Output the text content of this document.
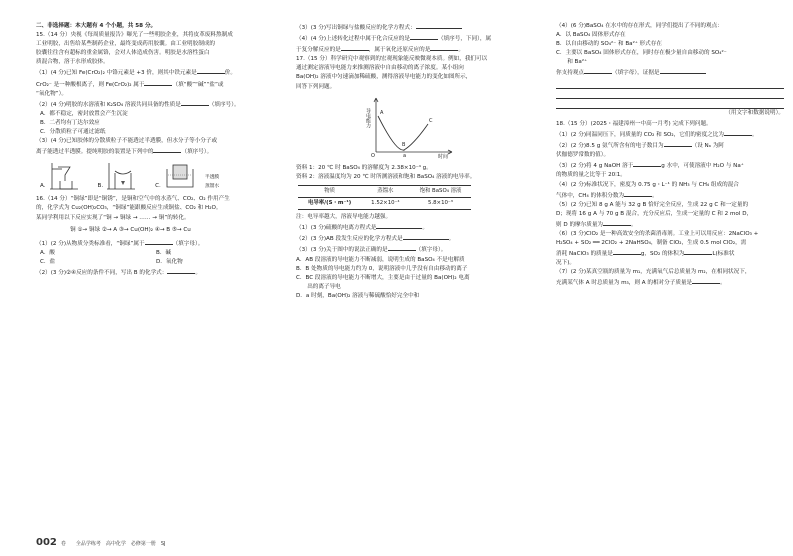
二、非选择题：本大题有 4 个小题，共 58 分。

15.（14 分）央视《每周质量报告》曝光了一些明胶企业，其将皮革废料熬制成

工业明胶，出售给某些制药企业，最终变成药用胶囊。由工业明胶制成的

胶囊往往含有超标的重金属铬，会对人体造成伤害。明胶是水溶性蛋白

质混合物，溶于水形成胶体。

（1）(4 分)已知 Fe(CrO₂)₂ 中铬元素是 +3 价，则其中铁元素是	价。

CrO₂⁻ 是一种酸根离子，则 Fe(CrO₂)₂ 属于	（填“酸”“碱”“盐”或

“氧化物”）。

（2）(4 分)明胶的水溶液和 K₂SO₄ 溶液共同具备的性质是	（填序号）。

A．都不稳定，密封放置会产生沉淀

B．二者均有丁达尔效应

C．分散质粒子可通过滤纸

（3）(4 分)已知胶体的分散质粒子不能透过半透膜，但水分子等小分子或

离子能透过半透膜。提纯明胶的装置是下列中的	（填序号）。

A.	B.	C.
半透膜
蒸馏水

16.（14 分）“铜绿”即是“铜锈”，是铜和空气中的水蒸气、CO₂、O₂ 作用产生

的，化学式为 Cu₂(OH)₂CO₃，“铜绿”能跟酸反应生成铜盐、CO₂ 和 H₂O。

某同学利用以下反应实现了“铜 → 铜绿 → …… → 铜”的转化。

铜 ①→ 铜绿 ②→ A ③→ Cu(OH)₂ ④→ B ⑤→ Cu

（1）(2 分)从物质分类标准看，“铜绿”属于	（填字母）。

A．酸	B．碱

C．盐	D．氧化物

（2）(3 分)②④反应的条件不同，写出 B 的化学式：	。

（3）(3 分)写出铜绿与盐酸反应的化学方程式：

（4）(4 分)上述转化过程中属于化合反应的是	（填序号，下同），属

于复分解反应的是	，属于氧化还原反应的是	。

17.（15 分）科学研究中观察到的宏观现象能反映微观本质。例如，我们可以

通过测定溶液导电能力来推测溶液中自由移动的离子浓度。某小组向

Ba(OH)₂ 溶液中匀速滴加稀硫酸，测得溶液导电能力的变化如图所示，

回答下列问题。

导电能力
时间
A
B
C
O	a

资料 1：20 ℃ 时 BaSO₄ 的溶解度为 2.38×10⁻⁴ g。

资料 2：溶液温度均为 20 ℃ 时所测溶液和饱和 BaSO₄ 溶液的电导率。

物质	蒸馏水	饱和 BaSO₄ 溶液
电导率/(S・m⁻¹)	1.52×10⁻⁴	5.8×10⁻³

注：电导率越大，溶液导电能力越强。

（1）(3 分)硫酸的电离方程式是	。

（2）(3 分)AB 段发生反应的化学方程式是	。

（3）(3 分)关于图中的说法正确的是	（填字母）。

A．AB 段溶液的导电能力不断减弱，说明生成的 BaSO₄ 不是电解质

B．B 处物质的导电能力约为 0，说明溶液中几乎没有自由移动的离子

C．BC 段溶液的导电能力不断增大，主要是由于过量的 Ba(OH)₂ 电离

　　出的离子导电

D．a 时刻，Ba(OH)₂ 溶液与稀硫酸恰好完全中和

（4）(6 分)BaSO₄ 在水中的存在形式，同学们提出了不同的观点：

A．以 BaSO₄ 固体形式存在

B．以自由移动的 SO₄²⁻ 和 Ba²⁺ 形式存在

C．主要以 BaSO₄ 固体形式存在，同时存在极少量自由移动的 SO₄²⁻

　　和 Ba²⁺

你支持观点	（填字母），证据是

（用文字和数据说明）。

18.（15 分）(2025・福建漳州一中高一月考) 完成下列问题。

（1）(2 分)同温同压下，同质量的 CO₂ 和 SO₂，它们的密度之比为	。

（2）(2 分)8.5 g 氨气所含有的电子数目为	（设 Nₐ 为阿

伏伽德罗常数的值）。

（3）(2 分)将 4 g NaOH 溶于	g 水中，可使溶液中 H₂O 与 Na⁺

的物质的量之比等于 20∶1。

（4）(2 分)标准状况下，密度为 0.75 g・L⁻¹ 的 NH₃ 与 CH₄ 组成的混合

气体中，CH₄ 的体积分数为	。

（5）(2 分)已知 8 g A 能与 32 g B 恰好完全反应，生成 22 g C 和一定量的

D；现将 16 g A 与 70 g B 混合，充分反应后，生成一定量的 C 和 2 mol D，

则 D 的摩尔质量为	。

（6）(3 分)ClO₂ 是一种高效安全的杀菌消毒剂。工业上可以用反应：2NaClO₃ +

H₂SO₄ + SO₂ ══ 2ClO₂ + 2NaHSO₄，制备 ClO₂，生成 0.5 mol ClO₂，需

消耗 NaClO₃ 的质量是	g，SO₂ 的体积为	L(标准状

况下)。

（7）(2 分)某真空瓶的质量为 m₁，充满氧气后总质量为 m₂，在相同状况下，

充满某气体 A 时总质量为 m₃，则 A 的相对分子质量是	。

002 卷　　全品学练考　高中化学　必修第一册　SJ
